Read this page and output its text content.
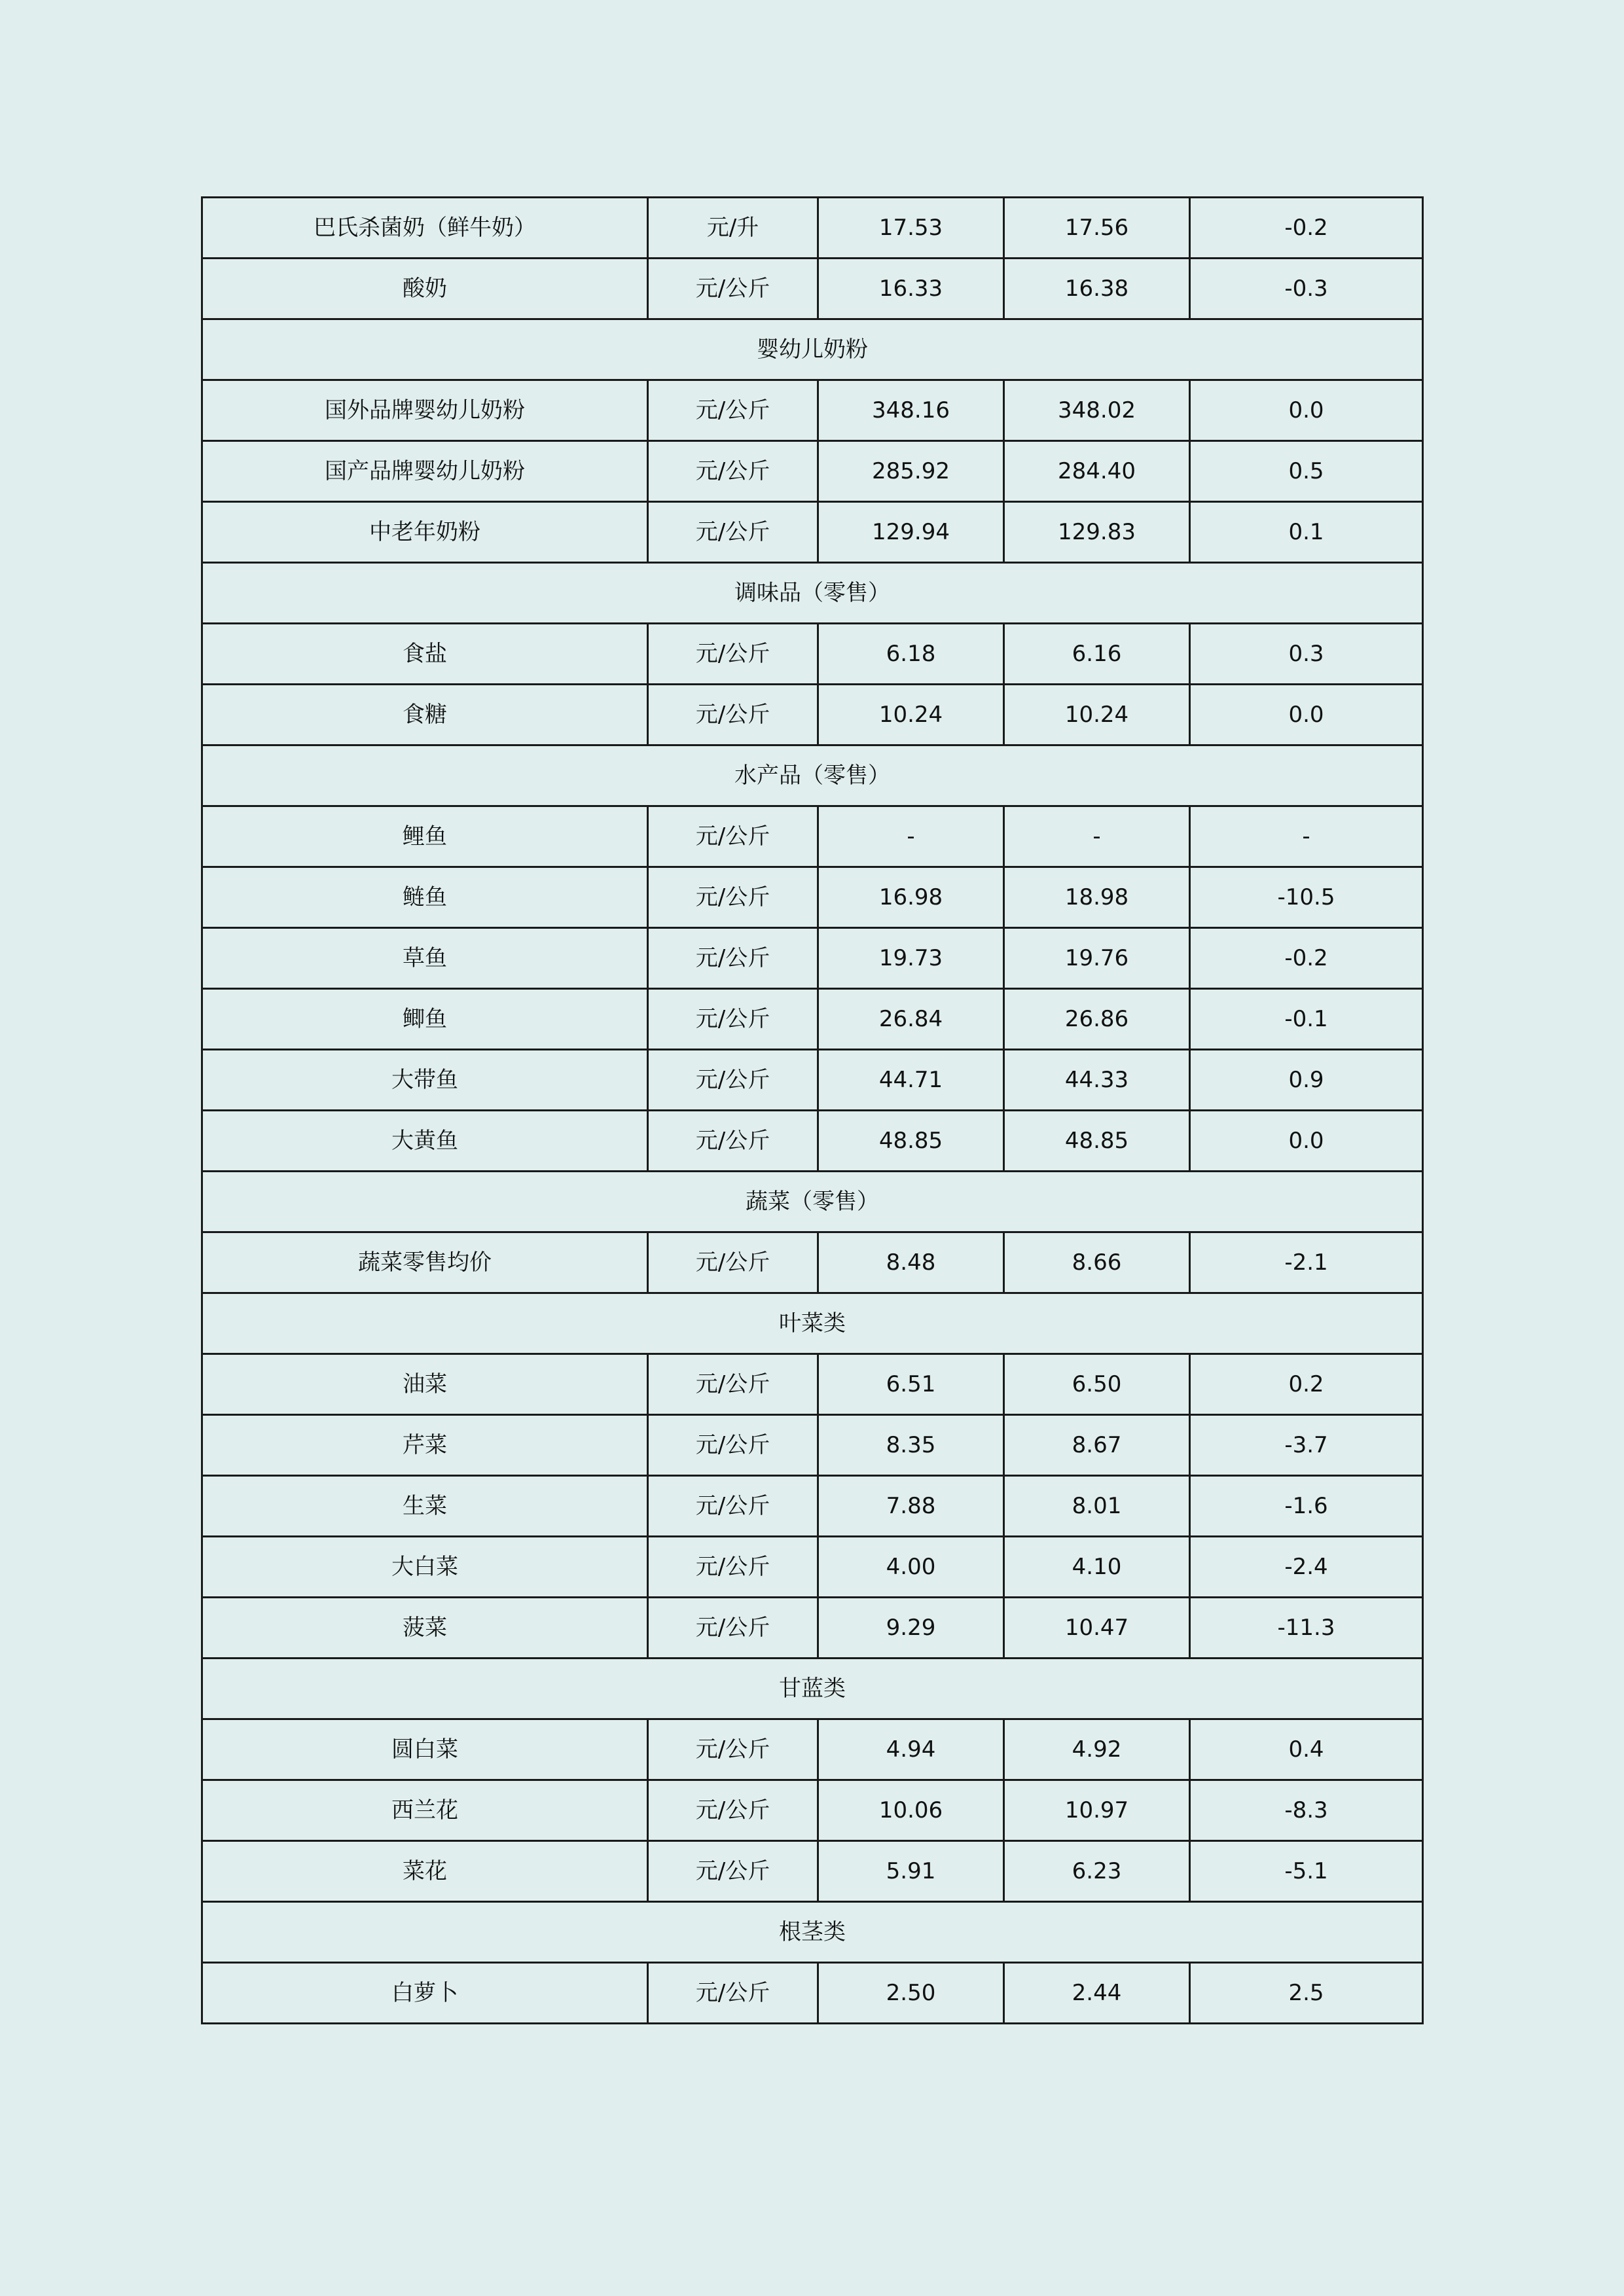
巴氏杀菌奶（鲜牛奶）	元/升	17.53	17.56	-0.2
酸奶	元/公斤	16.33	16.38	-0.3
婴幼儿奶粉				
国外品牌婴幼儿奶粉	元/公斤	348.16	348.02	0.0
国产品牌婴幼儿奶粉	元/公斤	285.92	284.40	0.5
中老年奶粉	元/公斤	129.94	129.83	0.1
调味品（零售）				
食盐	元/公斤	6.18	6.16	0.3
食糖	元/公斤	10.24	10.24	0.0
水产品（零售）				
鲤鱼	元/公斤	-	-	-
鲢鱼	元/公斤	16.98	18.98	-10.5
草鱼	元/公斤	19.73	19.76	-0.2
鲫鱼	元/公斤	26.84	26.86	-0.1
大带鱼	元/公斤	44.71	44.33	0.9
大黄鱼	元/公斤	48.85	48.85	0.0
蔬菜（零售）				
蔬菜零售均价	元/公斤	8.48	8.66	-2.1
叶菜类				
油菜	元/公斤	6.51	6.50	0.2
芹菜	元/公斤	8.35	8.67	-3.7
生菜	元/公斤	7.88	8.01	-1.6
大白菜	元/公斤	4.00	4.10	-2.4
菠菜	元/公斤	9.29	10.47	-11.3
甘蓝类				
圆白菜	元/公斤	4.94	4.92	0.4
西兰花	元/公斤	10.06	10.97	-8.3
菜花	元/公斤	5.91	6.23	-5.1
根茎类				
白萝卜	元/公斤	2.50	2.44	2.5
